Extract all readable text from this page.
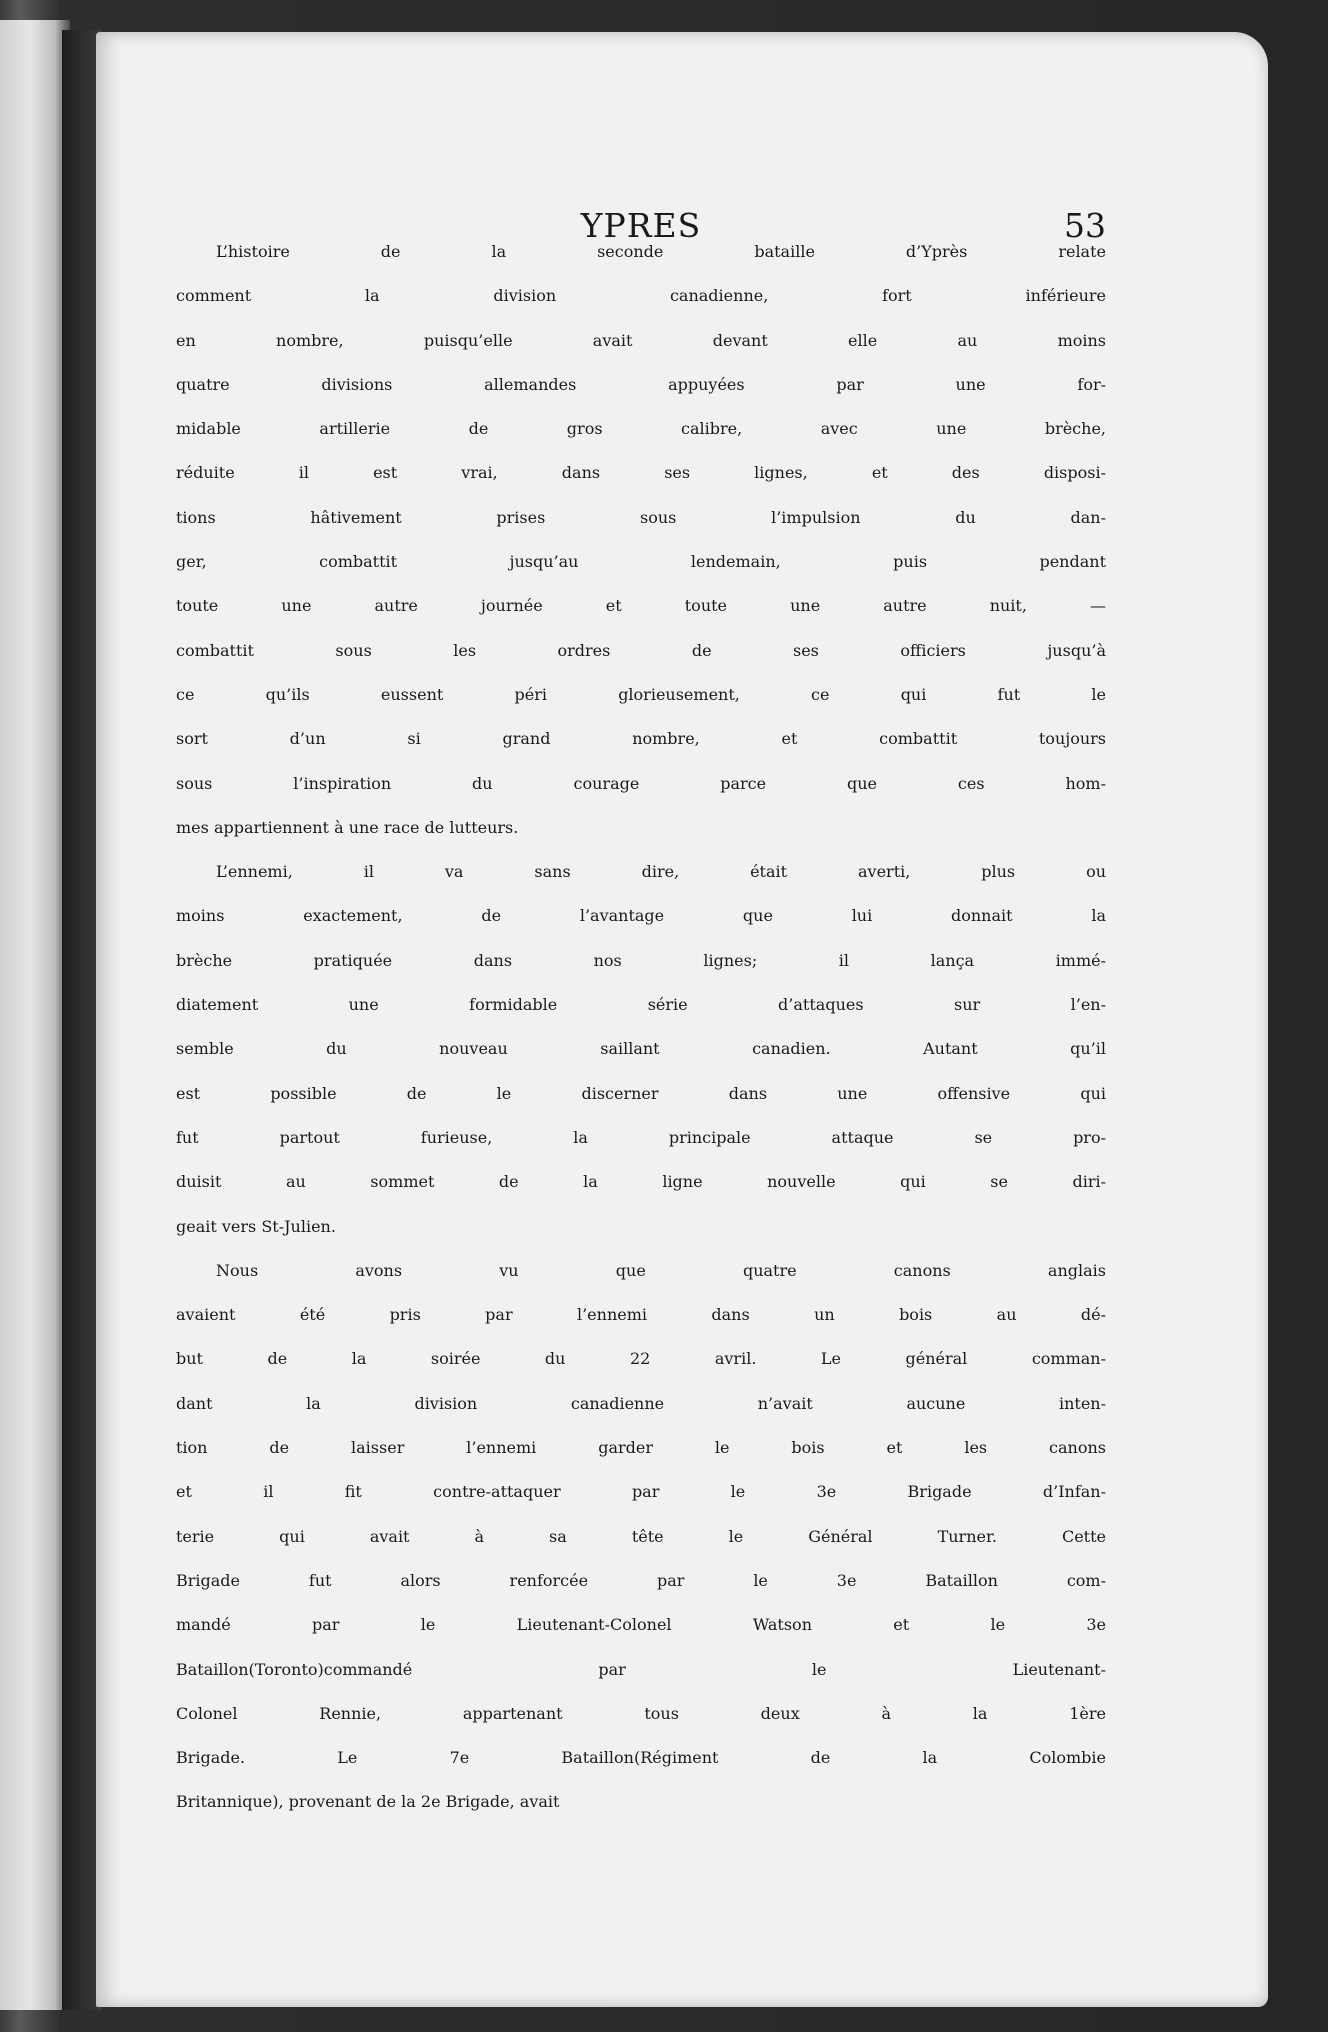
YPRES	53
L’histoire de la seconde bataille d’Yprès relate
comment la division canadienne, fort inférieure
en nombre, puisqu’elle avait devant elle au moins
quatre divisions allemandes appuyées par une for-
midable artillerie de gros calibre, avec une brèche,
réduite il est vrai, dans ses lignes, et des disposi-
tions hâtivement prises sous l’impulsion du dan-
ger, combattit jusqu’au lendemain, puis pendant
toute une autre journée et toute une autre nuit, —
combattit sous les ordres de ses officiers jusqu’à
ce qu’ils eussent péri glorieusement, ce qui fut le
sort d’un si grand nombre, et combattit toujours
sous l’inspiration du courage parce que ces hom-
mes appartiennent à une race de lutteurs.
L’ennemi, il va sans dire, était averti, plus ou
moins exactement, de l’avantage que lui donnait la
brèche pratiquée dans nos lignes; il lança immé-
diatement une formidable série d’attaques sur l’en-
semble du nouveau saillant canadien. Autant qu’il
est possible de le discerner dans une offensive qui
fut partout furieuse, la principale attaque se pro-
duisit au sommet de la ligne nouvelle qui se diri-
geait vers St-Julien.
Nous avons vu que quatre canons anglais
avaient été pris par l’ennemi dans un bois au dé-
but de la soirée du 22 avril. Le général comman-
dant la division canadienne n’avait aucune inten-
tion de laisser l’ennemi garder le bois et les canons
et il fit contre-attaquer par le 3e Brigade d’Infan-
terie qui avait à sa tête le Général Turner. Cette
Brigade fut alors renforcée par le 3e Bataillon com-
mandé par le Lieutenant-Colonel Watson et le 3e
Bataillon(Toronto)commandé par le Lieutenant-
Colonel Rennie, appartenant tous deux à la 1ère
Brigade. Le 7e Bataillon(Régiment de la Colombie
Britannique), provenant de la 2e Brigade, avait
